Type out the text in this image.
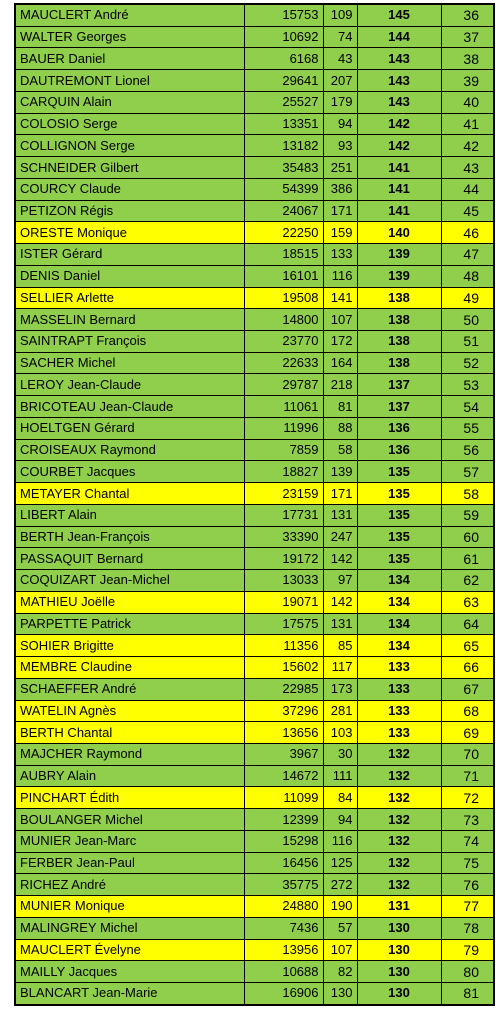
MAUCLERT André	15753	109	145	36
WALTER Georges	10692	74	144	37
BAUER Daniel	6168	43	143	38
DAUTREMONT Lionel	29641	207	143	39
CARQUIN Alain	25527	179	143	40
COLOSIO Serge	13351	94	142	41
COLLIGNON Serge	13182	93	142	42
SCHNEIDER Gilbert	35483	251	141	43
COURCY Claude	54399	386	141	44
PETIZON Régis	24067	171	141	45
ORESTE Monique	22250	159	140	46
ISTER Gérard	18515	133	139	47
DENIS Daniel	16101	116	139	48
SELLIER Arlette	19508	141	138	49
MASSELIN Bernard	14800	107	138	50
SAINTRAPT François	23770	172	138	51
SACHER Michel	22633	164	138	52
LEROY Jean-Claude	29787	218	137	53
BRICOTEAU Jean-Claude	11061	81	137	54
HOELTGEN Gérard	11996	88	136	55
CROISEAUX Raymond	7859	58	136	56
COURBET Jacques	18827	139	135	57
METAYER Chantal	23159	171	135	58
LIBERT Alain	17731	131	135	59
BERTH Jean-François	33390	247	135	60
PASSAQUIT Bernard	19172	142	135	61
COQUIZART Jean-Michel	13033	97	134	62
MATHIEU Joëlle	19071	142	134	63
PARPETTE Patrick	17575	131	134	64
SOHIER Brigitte	11356	85	134	65
MEMBRE Claudine	15602	117	133	66
SCHAEFFER André	22985	173	133	67
WATELIN Agnès	37296	281	133	68
BERTH Chantal	13656	103	133	69
MAJCHER Raymond	3967	30	132	70
AUBRY Alain	14672	111	132	71
PINCHART Édith	11099	84	132	72
BOULANGER Michel	12399	94	132	73
MUNIER Jean-Marc	15298	116	132	74
FERBER Jean-Paul	16456	125	132	75
RICHEZ André	35775	272	132	76
MUNIER Monique	24880	190	131	77
MALINGREY Michel	7436	57	130	78
MAUCLERT Évelyne	13956	107	130	79
MAILLY Jacques	10688	82	130	80
BLANCART Jean-Marie	16906	130	130	81
